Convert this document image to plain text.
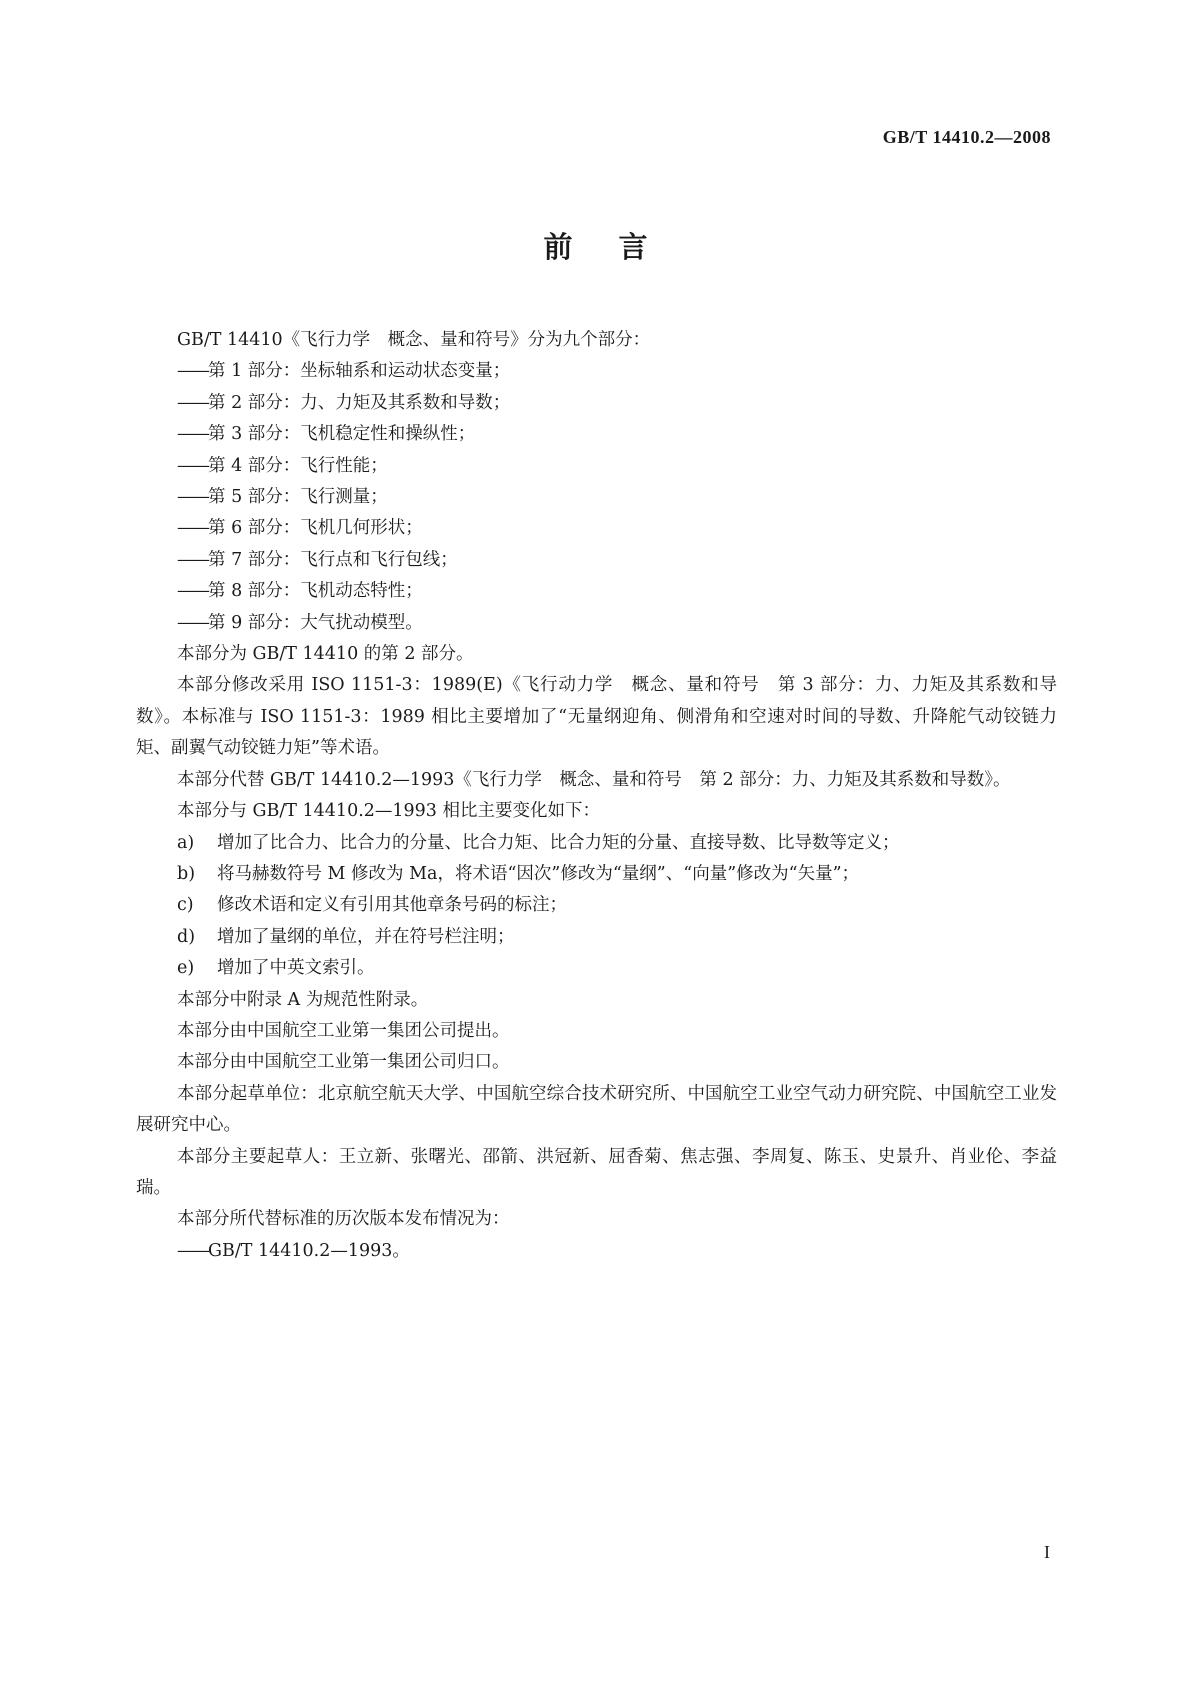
GB/T 14410.2—2008
前言

GB/T 14410《飞行力学　概念、量和符号》分为九个部分：

——第 1 部分：坐标轴系和运动状态变量；

——第 2 部分：力、力矩及其系数和导数；

——第 3 部分：飞机稳定性和操纵性；

——第 4 部分：飞行性能；

——第 5 部分：飞行测量；

——第 6 部分：飞机几何形状；

——第 7 部分：飞行点和飞行包线；

——第 8 部分：飞机动态特性；

——第 9 部分：大气扰动模型。

本部分为 GB/T 14410 的第 2 部分。

本部分修改采用 ISO 1151-3：1989(E)《飞行动力学　概念、量和符号　第 3 部分：力、力矩及其系数和导数》。本标准与 ISO 1151-3：1989 相比主要增加了“无量纲迎角、侧滑角和空速对时间的导数、升降舵气动铰链力矩、副翼气动铰链力矩”等术语。

本部分代替 GB/T 14410.2—1993《飞行力学　概念、量和符号　第 2 部分：力、力矩及其系数和导数》。

本部分与 GB/T 14410.2—1993 相比主要变化如下：

a) 增加了比合力、比合力的分量、比合力矩、比合力矩的分量、直接导数、比导数等定义；

b) 将马赫数符号 M 修改为 Ma，将术语“因次”修改为“量纲”、“向量”修改为“矢量”；

c) 修改术语和定义有引用其他章条号码的标注；

d) 增加了量纲的单位，并在符号栏注明；

e) 增加了中英文索引。

本部分中附录 A 为规范性附录。

本部分由中国航空工业第一集团公司提出。

本部分由中国航空工业第一集团公司归口。

本部分起草单位：北京航空航天大学、中国航空综合技术研究所、中国航空工业空气动力研究院、中国航空工业发展研究中心。

本部分主要起草人：王立新、张曙光、邵箭、洪冠新、屈香菊、焦志强、李周复、陈玉、史景升、肖业伦、李益瑞。

本部分所代替标准的历次版本发布情况为：

——GB/T 14410.2—1993。

I
